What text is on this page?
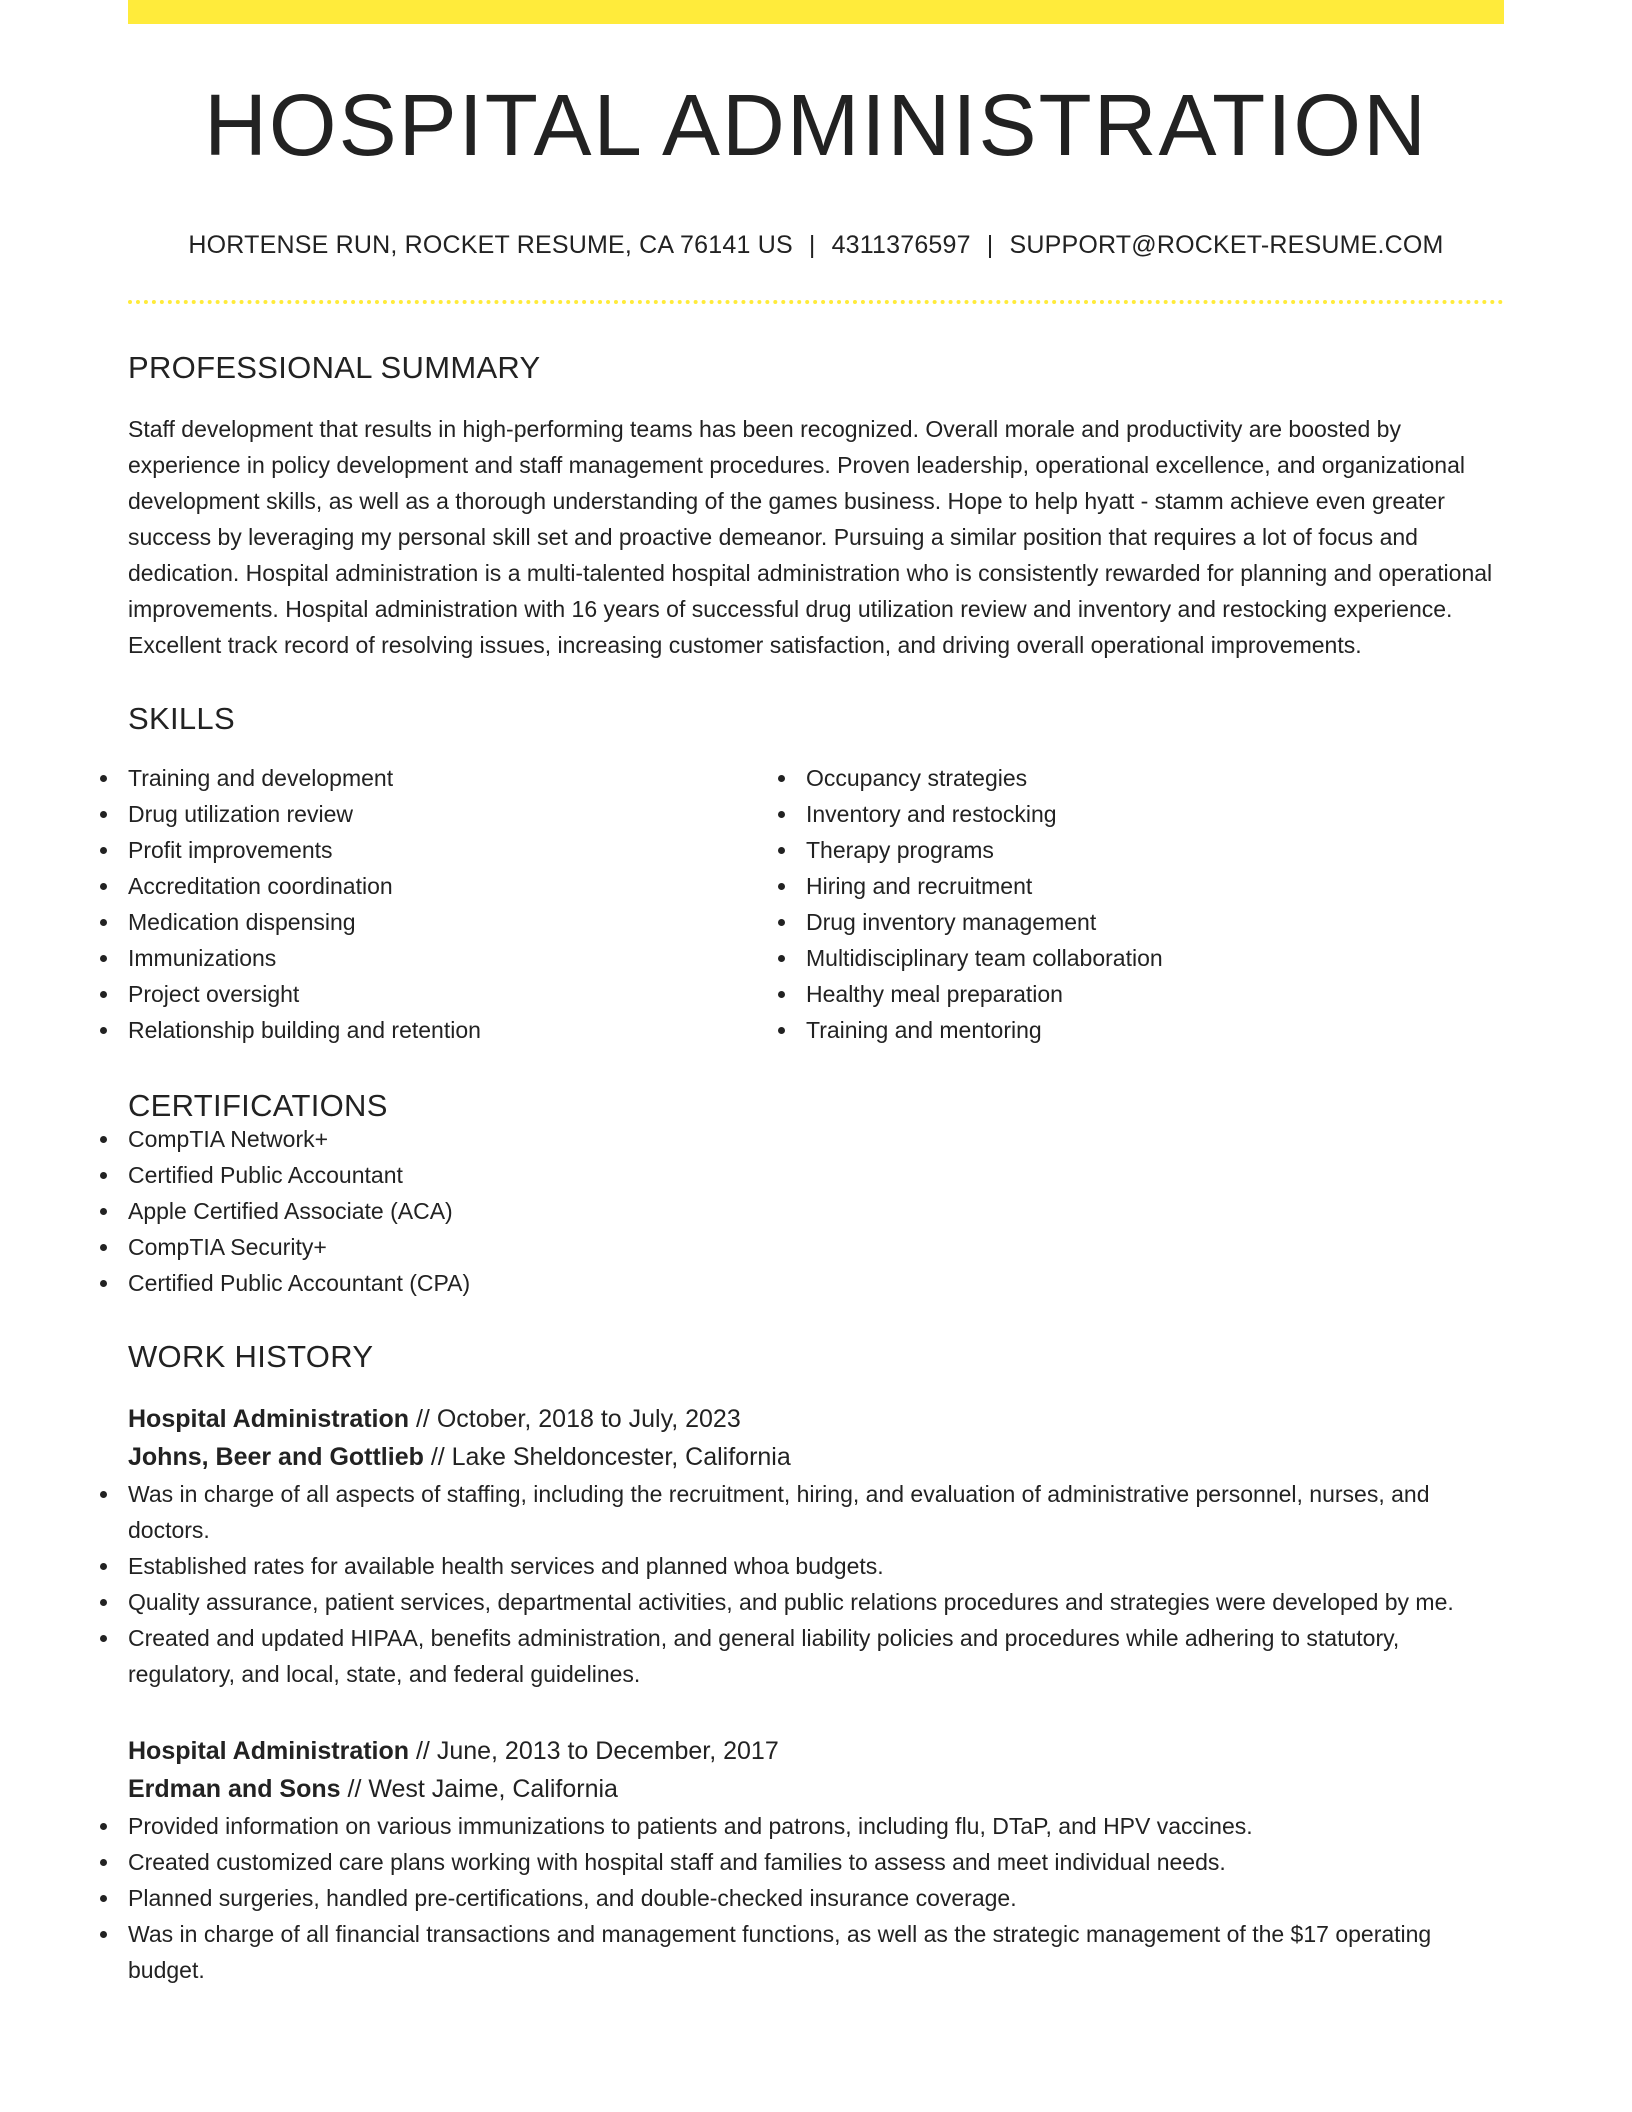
HOSPITAL ADMINISTRATION
HORTENSE RUN, ROCKET RESUME, CA 76141 US | 4311376597 | SUPPORT@ROCKET-RESUME.COM
PROFESSIONAL SUMMARY

Staff development that results in high-performing teams has been recognized. Overall morale and productivity are boosted by experience in policy development and staff management procedures. Proven leadership, operational excellence, and organizational development skills, as well as a thorough understanding of the games business. Hope to help hyatt - stamm achieve even greater success by leveraging my personal skill set and proactive demeanor. Pursuing a similar position that requires a lot of focus and dedication. Hospital administration is a multi-talented hospital administration who is consistently rewarded for planning and operational improvements. Hospital administration with 16 years of successful drug utilization review and inventory and restocking experience. Excellent track record of resolving issues, increasing customer satisfaction, and driving overall operational improvements.

SKILLS
Training and development
Drug utilization review
Profit improvements
Accreditation coordination
Medication dispensing
Immunizations
Project oversight
Relationship building and retention
Occupancy strategies
Inventory and restocking
Therapy programs
Hiring and recruitment
Drug inventory management
Multidisciplinary team collaboration
Healthy meal preparation
Training and mentoring
CERTIFICATIONS
CompTIA Network+
Certified Public Accountant
Apple Certified Associate (ACA)
CompTIA Security+
Certified Public Accountant (CPA)
WORK HISTORY
Hospital Administration // October, 2018 to July, 2023
Johns, Beer and Gottlieb // Lake Sheldoncester, California
Was in charge of all aspects of staffing, including the recruitment, hiring, and evaluation of administrative personnel, nurses, and doctors.
Established rates for available health services and planned whoa budgets.
Quality assurance, patient services, departmental activities, and public relations procedures and strategies were developed by me.
Created and updated HIPAA, benefits administration, and general liability policies and procedures while adhering to statutory, regulatory, and local, state, and federal guidelines.
Hospital Administration // June, 2013 to December, 2017
Erdman and Sons // West Jaime, California
Provided information on various immunizations to patients and patrons, including flu, DTaP, and HPV vaccines.
Created customized care plans working with hospital staff and families to assess and meet individual needs.
Planned surgeries, handled pre-certifications, and double-checked insurance coverage.
Was in charge of all financial transactions and management functions, as well as the strategic management of the $17 operating budget.
